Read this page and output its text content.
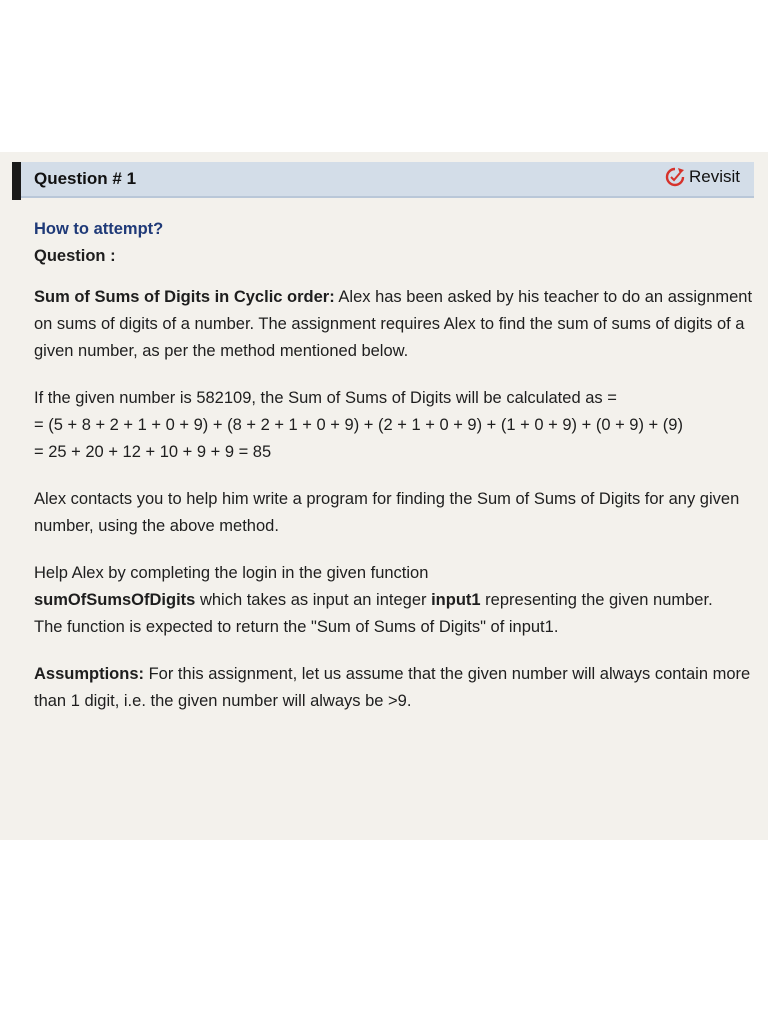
Question # 1	Revisit

How to attempt?

Question :

Sum of Sums of Digits in Cyclic order: Alex has been asked by his teacher to do an assignment on sums of digits of a number. The assignment requires Alex to find the sum of sums of digits of a given number, as per the method mentioned below.

If the given number is 582109, the Sum of Sums of Digits will be calculated as =
= (5 + 8 + 2 + 1 + 0 + 9) + (8 + 2 + 1 + 0 + 9) + (2 + 1 + 0 + 9) + (1 + 0 + 9) + (0 + 9) + (9)
= 25 + 20 + 12 + 10 + 9 + 9 = 85

Alex contacts you to help him write a program for finding the Sum of Sums of Digits for any given number, using the above method.

Help Alex by completing the login in the given function
sumOfSumsOfDigits which takes as input an integer input1 representing the given number.
The function is expected to return the "Sum of Sums of Digits" of input1.

Assumptions: For this assignment, let us assume that the given number will always contain more than 1 digit, i.e. the given number will always be >9.
